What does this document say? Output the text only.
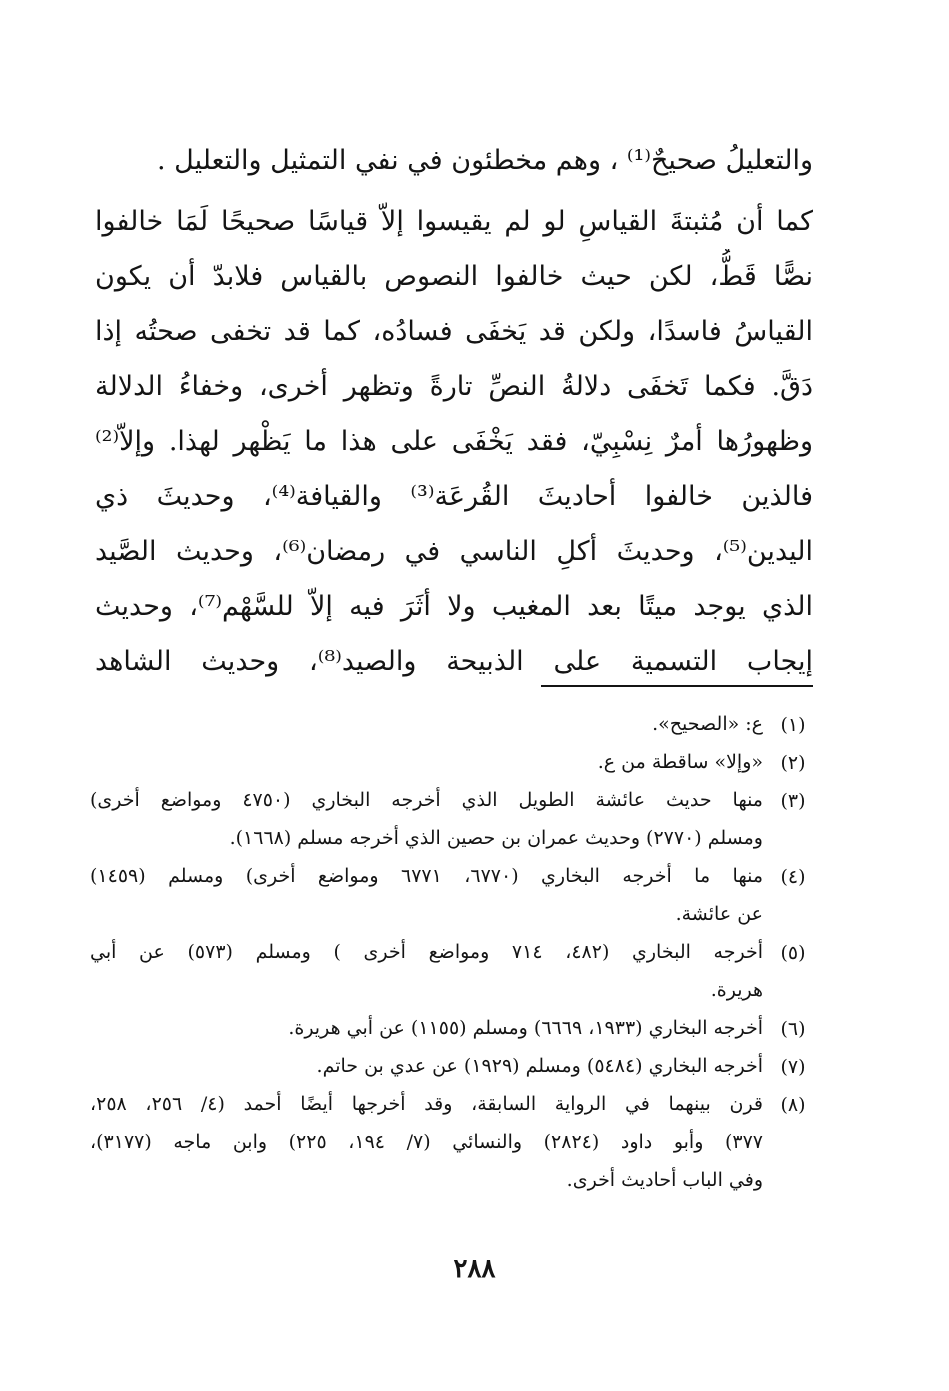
والتعليلُ صحيحٌ⁽¹⁾ ، وهم مخطئون في نفي التمثيل والتعليل .
كما أن مُثبتةَ القياسِ لو لم يقيسوا إلاّ قياسًا صحيحًا لَمَا خالفوا
نصًّا قَطُّ، لكن حيث خالفوا النصوص بالقياس فلابدّ أن يكون
القياسُ فاسدًا، ولكن قد يَخفَى فسادُه، كما قد تخفى صحتُه إذا
دَقَّ. فكما تَخفَى دلالةُ النصِّ تارةً وتظهر أخرى، وخفاءُ الدلالة
وظهورُها أمرٌ نِسْبِيّ، فقد يَخْفَى على هذا ما يَظْهر لهذا. وإلاّ⁽²⁾
فالذين خالفوا أحاديثَ القُرعَة⁽³⁾ والقيافة⁽⁴⁾، وحديثَ ذي
اليدين⁽⁵⁾، وحديثَ أكلِ الناسي في رمضان⁽⁶⁾، وحديث الصَّيد
الذي يوجد ميتًا بعد المغيب ولا أثَرَ فيه إلاّ للسَّهْم⁽⁷⁾، وحديث
إيجاب التسمية على الذبيحة والصيد⁽⁸⁾، وحديث الشاهد
(١)
ع: «الصحيح».
(٢)
«وإلا» ساقطة من ع.
(٣)
منها حديث عائشة الطويل الذي أخرجه البخاري (٤٧٥٠ ومواضع أخرى)
ومسلم (٢٧٧٠) وحديث عمران بن حصين الذي أخرجه مسلم (١٦٦٨).
(٤)
منها ما أخرجه البخاري (٦٧٧٠، ٦٧٧١ ومواضع أخرى) ومسلم (١٤٥٩)
عن عائشة.
(٥)
أخرجه البخاري (٤٨٢، ٧١٤ ومواضع أخرى ) ومسلم (٥٧٣) عن أبي
هريرة.
(٦)
أخرجه البخاري (١٩٣٣، ٦٦٦٩) ومسلم (١١٥٥) عن أبي هريرة.
(٧)
أخرجه البخاري (٥٤٨٤) ومسلم (١٩٢٩) عن عدي بن حاتم.
(٨)
قرن بينهما في الرواية السابقة، وقد أخرجها أيضًا أحمد (٤/ ٢٥٦، ٢٥٨،
٣٧٧) وأبو داود (٢٨٢٤) والنسائي (٧/ ١٩٤، ٢٢٥) وابن ماجه (٣١٧٧)،
وفي الباب أحاديث أخرى.
٢٨٨
